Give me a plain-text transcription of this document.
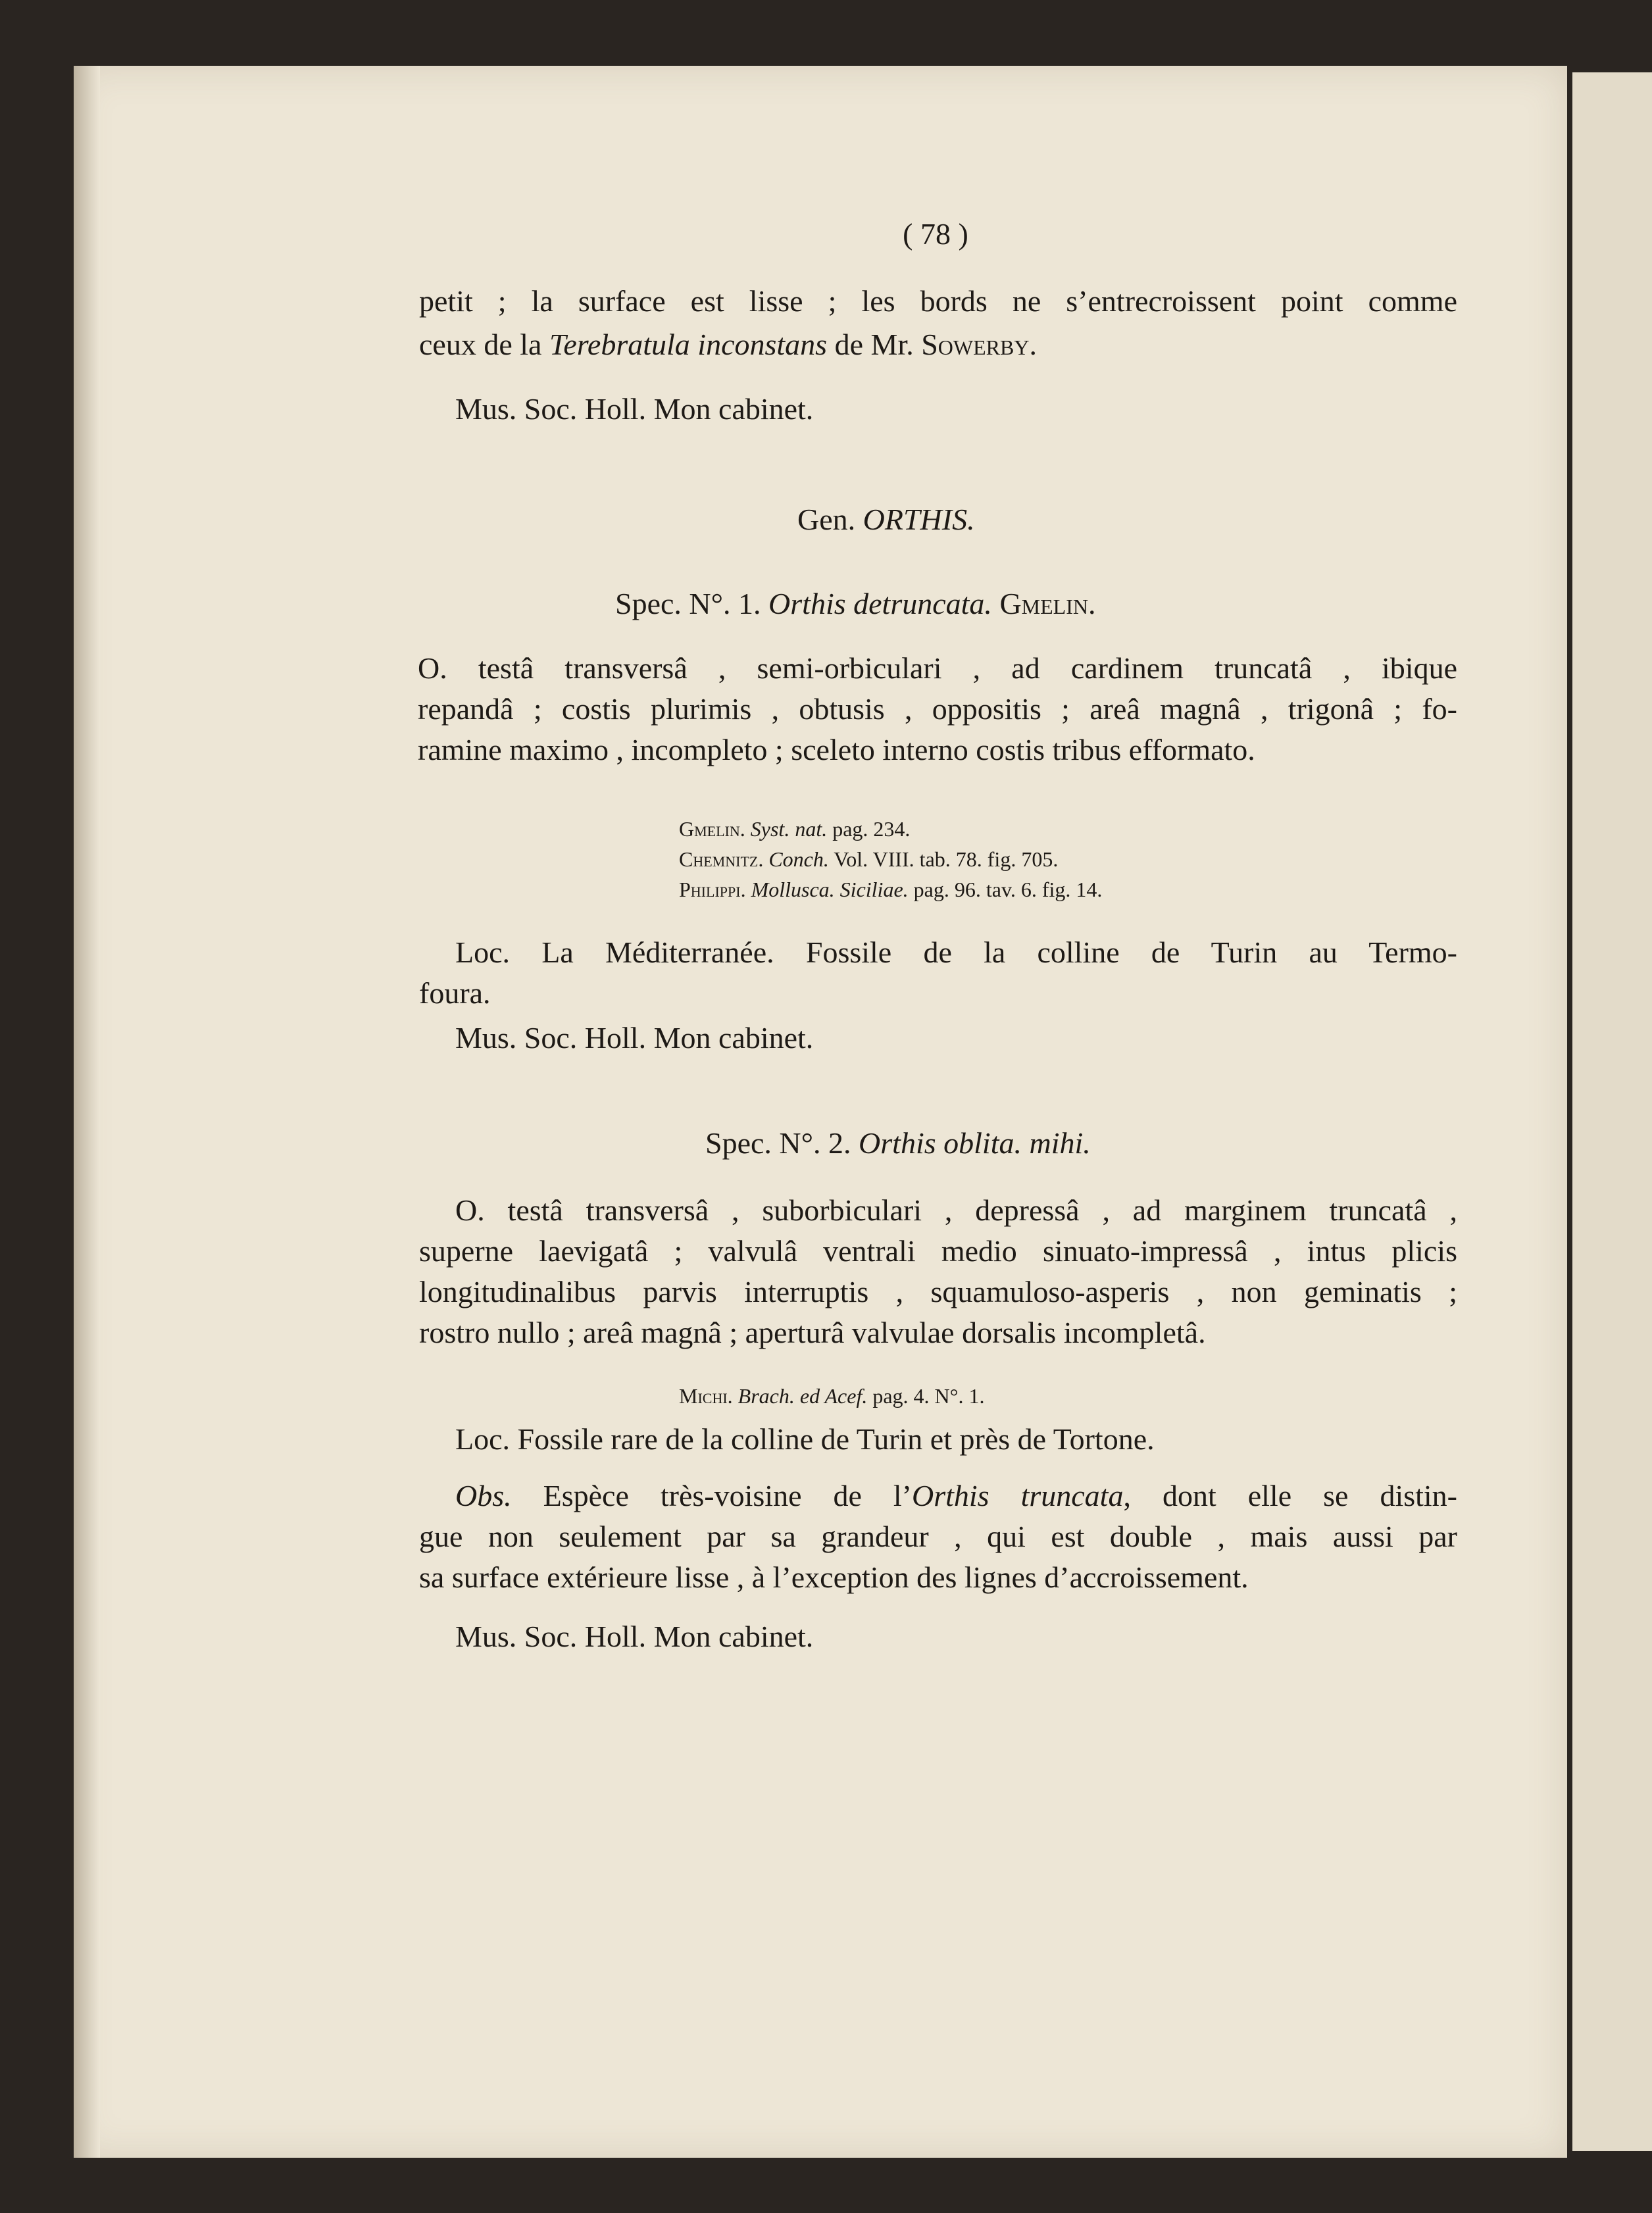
( 78 )
petit ; la surface est lisse ; les bords ne s’entrecroissent point comme
ceux de la Terebratula inconstans de Mr. Sowerby.
Mus. Soc. Holl. Mon cabinet.
Gen. ORTHIS.
Spec. N°. 1. Orthis detruncata. Gmelin.
O. testâ transversâ , semi-orbiculari , ad cardinem truncatâ , ibique
repandâ ; costis plurimis , obtusis , oppositis ; areâ magnâ , trigonâ ; fo-
ramine maximo , incompleto ; sceleto interno costis tribus efformato.
Gmelin. Syst. nat. pag. 234.
Chemnitz. Conch. Vol. VIII. tab. 78. fig. 705.
Philippi. Mollusca. Siciliae. pag. 96. tav. 6. fig. 14.
Loc. La Méditerranée. Fossile de la colline de Turin au Termo-
foura.
Mus. Soc. Holl. Mon cabinet.
Spec. N°. 2. Orthis oblita. mihi.
O. testâ transversâ , suborbiculari , depressâ , ad marginem truncatâ ,
superne laevigatâ ; valvulâ ventrali medio sinuato-impressâ , intus plicis
longitudinalibus parvis interruptis , squamuloso-asperis , non geminatis ;
rostro nullo ; areâ magnâ ; aperturâ valvulae dorsalis incompletâ.
Michi. Brach. ed Acef. pag. 4. N°. 1.
Loc. Fossile rare de la colline de Turin et près de Tortone.
Obs. Espèce très-voisine de l’Orthis truncata, dont elle se distin-
gue non seulement par sa grandeur , qui est double , mais aussi par
sa surface extérieure lisse , à l’exception des lignes d’accroissement.
Mus. Soc. Holl. Mon cabinet.
